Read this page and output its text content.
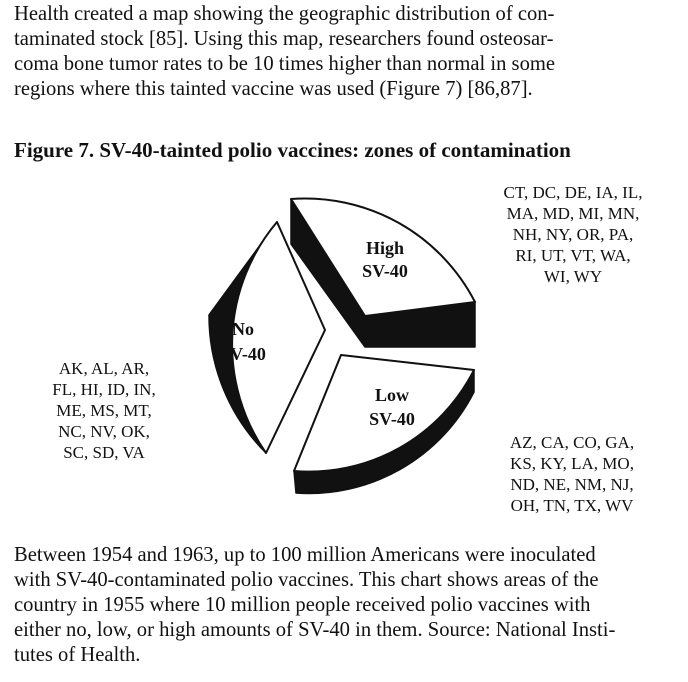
Health created a map showing the geographic distribution of con-
taminated stock [85]. Using this map, researchers found osteosar-
coma bone tumor rates to be 10 times higher than normal in some
regions where this tainted vaccine was used (Figure 7) [86,87].

Figure 7. SV-40-tainted polio vaccines: zones of contamination

High
SV-40
No
SV-40
Low
SV-40
CT, DC, DE, IA, IL,
MA, MD, MI, MN,
NH, NY, OR, PA,
RI, UT, VT, WA,
WI, WY
AK, AL, AR,
FL, HI, ID, IN,
ME, MS, MT,
NC, NV, OK,
SC, SD, VA
AZ, CA, CO, GA,
KS, KY, LA, MO,
ND, NE, NM, NJ,
OH, TN, TX, WV

Between 1954 and 1963, up to 100 million Americans were inoculated
with SV-40-contaminated polio vaccines. This chart shows areas of the
country in 1955 where 10 million people received polio vaccines with
either no, low, or high amounts of SV-40 in them. Source: National Insti-
tutes of Health.
